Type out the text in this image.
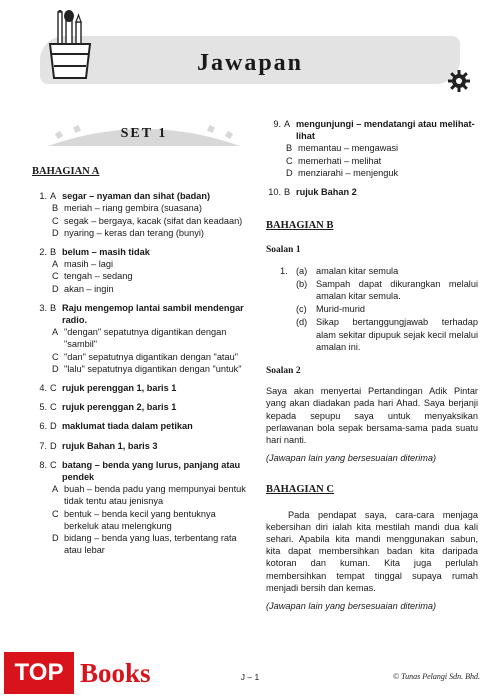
Jawapan
SET 1
BAHAGIAN A
1. A segar – nyaman dan sihat (badan)
B meriah – riang gembira (suasana)
C segak – bergaya, kacak (sifat dan keadaan)
D nyaring – keras dan terang (bunyi)
2. B belum – masih tidak
A masih – lagi
C tengah – sedang
D akan – ingin
3. B Raju mengemop lantai sambil mendengar radio.
A "dengan" sepatutnya digantikan dengan "sambil"
C "dan" sepatutnya digantikan dengan "atau"
D "lalu" sepatutnya digantikan dengan "untuk"
4. C rujuk perenggan 1, baris 1
5. C rujuk perenggan 2, baris 1
6. D maklumat tiada dalam petikan
7. D rujuk Bahan 1, baris 3
8. C batang – benda yang lurus, panjang atau pendek
A buah – benda padu yang mempunyai bentuk tidak tentu atau jenisnya
C bentuk – benda kecil yang bentuknya berkeluk atau melengkung
D bidang – benda yang luas, terbentang rata atau lebar
9. A mengunjungi – mendatangi atau melihat-lihat
B memantau – mengawasi
C memerhati – melihat
D menziarahi – menjenguk
10. B rujuk Bahan 2
BAHAGIAN B
Soalan 1
1. (a) amalan kitar semula
(b) Sampah dapat dikurangkan melalui amalan kitar semula.
(c)	Murid-murid
(d) Sikap bertanggungjawab terhadap alam sekitar dipupuk sejak kecil melalui amalan ini.
Soalan 2
Saya akan menyertai Pertandingan Adik Pintar yang akan diadakan pada hari Ahad. Saya berjanji kepada sepupu saya untuk menyaksikan perlawanan bola sepak bersama-sama pada suatu hari nanti.
(Jawapan lain yang bersesuaian diterima)
BAHAGIAN C
Pada pendapat saya, cara-cara menjaga kebersihan diri ialah kita mestilah mandi dua kali sehari. Apabila kita mandi menggunakan sabun, kita dapat membersihkan badan kita daripada kotoran dan kuman. Kita juga perlulah membersihkan tempat tinggal supaya rumah menjadi bersih dan kemas.
(Jawapan lain yang bersesuaian diterima)
J – 1	© Tunas Pelangi Sdn. Bhd.
TOP Books
